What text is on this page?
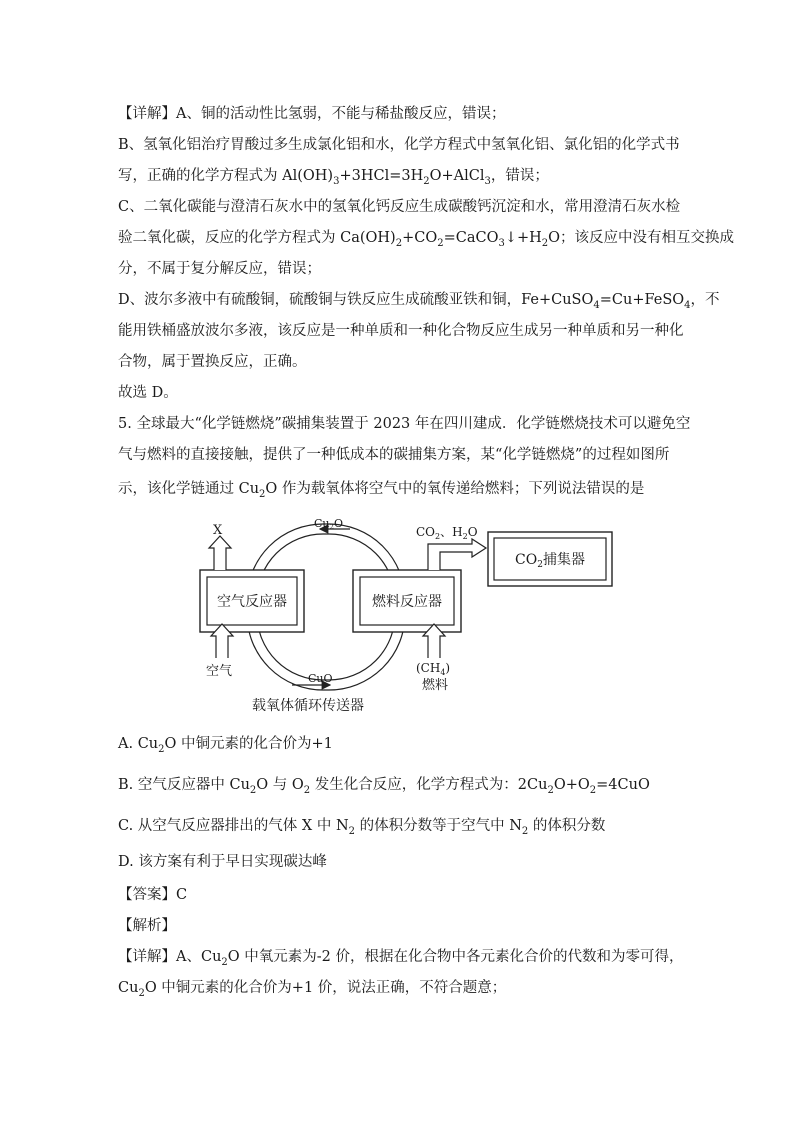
【详解】A、铜的活动性比氢弱，不能与稀盐酸反应，错误；
B、氢氧化铝治疗胃酸过多生成氯化铝和水，化学方程式中氢氧化铝、氯化铝的化学式书
写，正确的化学方程式为 $Al(OH)_3+3HCl=3H_2O+AlCl_3$，错误；
C、二氧化碳能与澄清石灰水中的氢氧化钙反应生成碳酸钙沉淀和水，常用澄清石灰水检
验二氧化碳，反应的化学方程式为 $Ca(OH)_2+CO_2=CaCO_3↓+H_2O$；该反应中没有相互交换成
分，不属于复分解反应，错误；
D、波尔多液中有硫酸铜，硫酸铜与铁反应生成硫酸亚铁和铜，Fe+CuSO$_4$=Cu+FeSO$_4$，不
能用铁桶盛放波尔多液，该反应是一种单质和一种化合物反应生成另一种单质和另一种化
合物，属于置换反应，正确。
故选 D。
5. 全球最大“化学链燃烧”碳捕集装置于 2023 年在四川建成．化学链燃烧技术可以避免空
气与燃料的直接接触，提供了一种低成本的碳捕集方案，某“化学链燃烧”的过程如图所
示，该化学链通过 $Cu_2O$ 作为载氧体将空气中的氧传递给燃料；下列说法错误的是
空气反应器	燃料反应器
X
空气	$(CH_4)$
燃料
Cu2O
CuO
$CO_2$、$H_2O$
$CO_2$捕集器
载氧体循环传送器
A. $Cu_2O$ 中铜元素的化合价为+1
B. 空气反应器中 $Cu_2O$ 与 $O_2$ 发生化合反应，化学方程式为：$2Cu_2O+O_2=4CuO$
C. 从空气反应器排出的气体 X 中 $N_2$ 的体积分数等于空气中 $N_2$ 的体积分数
D. 该方案有利于早日实现碳达峰
【答案】C
【解析】
【详解】A、$Cu_2O$ 中氧元素为-2 价，根据在化合物中各元素化合价的代数和为零可得，
$Cu_2O$ 中铜元素的化合价为+1 价，说法正确，不符合题意；
